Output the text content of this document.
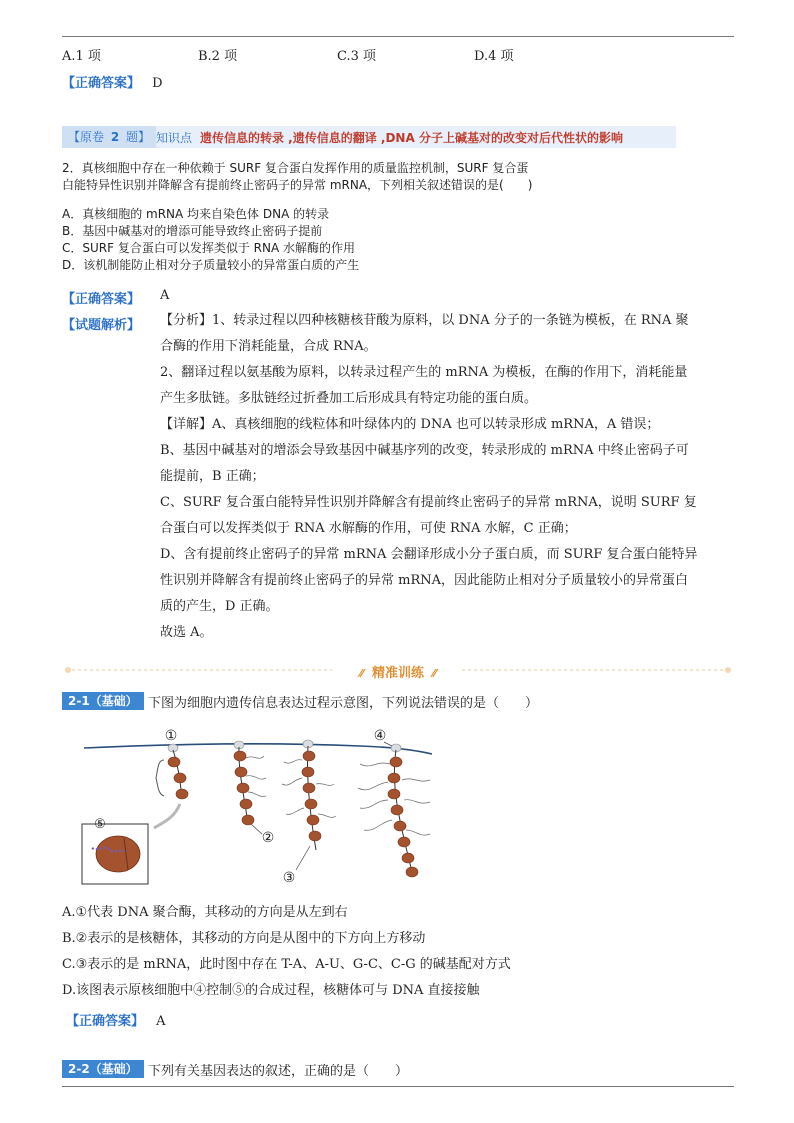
A.1 项	B.2 项	C.3 项	D.4 项
【正确答案】 D
【原卷 2 题】 知识点 遗传信息的转录 ,遗传信息的翻译 ,DNA 分子上碱基对的改变对后代性状的影响
2．真核细胞中存在一种依赖于 SURF 复合蛋白发挥作用的质量监控机制，SURF 复合蛋
白能特异性识别并降解含有提前终止密码子的异常 mRNA，下列相关叙述错误的是(　　)
A．真核细胞的 mRNA 均来自染色体 DNA 的转录
B．基因中碱基对的增添可能导致终止密码子提前
C．SURF 复合蛋白可以发挥类似于 RNA 水解酶的作用
D．该机制能防止相对分子质量较小的异常蛋白质的产生
【正确答案】 A
【试题解析】 【分析】1、转录过程以四种核糖核苷酸为原料，以 DNA 分子的一条链为模板，在 RNA 聚

合酶的作用下消耗能量，合成 RNA。

2、翻译过程以氨基酸为原料，以转录过程产生的 mRNA 为模板，在酶的作用下，消耗能量

产生多肽链。多肽链经过折叠加工后形成具有特定功能的蛋白质。

【详解】A、真核细胞的线粒体和叶绿体内的 DNA 也可以转录形成 mRNA，A 错误；

B、基因中碱基对的增添会导致基因中碱基序列的改变，转录形成的 mRNA 中终止密码子可

能提前，B 正确；

C、SURF 复合蛋白能特异性识别并降解含有提前终止密码子的异常 mRNA，说明 SURF 复

合蛋白可以发挥类似于 RNA 水解酶的作用，可使 RNA 水解，C 正确；

D、含有提前终止密码子的异常 mRNA 会翻译形成小分子蛋白质，而 SURF 复合蛋白能特异

性识别并降解含有提前终止密码子的异常 mRNA，因此能防止相对分子质量较小的异常蛋白

质的产生，D 正确。

故选 A。

⁄⁄ 精准训练 ⁄⁄
2-1（基础） 下图为细胞内遗传信息表达过程示意图，下列说法错误的是（　　）
①
②
③
④
⑤
A.①代表 DNA 聚合酶，其移动的方向是从左到右
B.②表示的是核糖体，其移动的方向是从图中的下方向上方移动
C.③表示的是 mRNA，此时图中存在 T-A、A-U、G-C、C-G 的碱基配对方式
D.该图表示原核细胞中④控制⑤的合成过程，核糖体可与 DNA 直接接触
【正确答案】 A
2-2（基础） 下列有关基因表达的叙述，正确的是（　　）
